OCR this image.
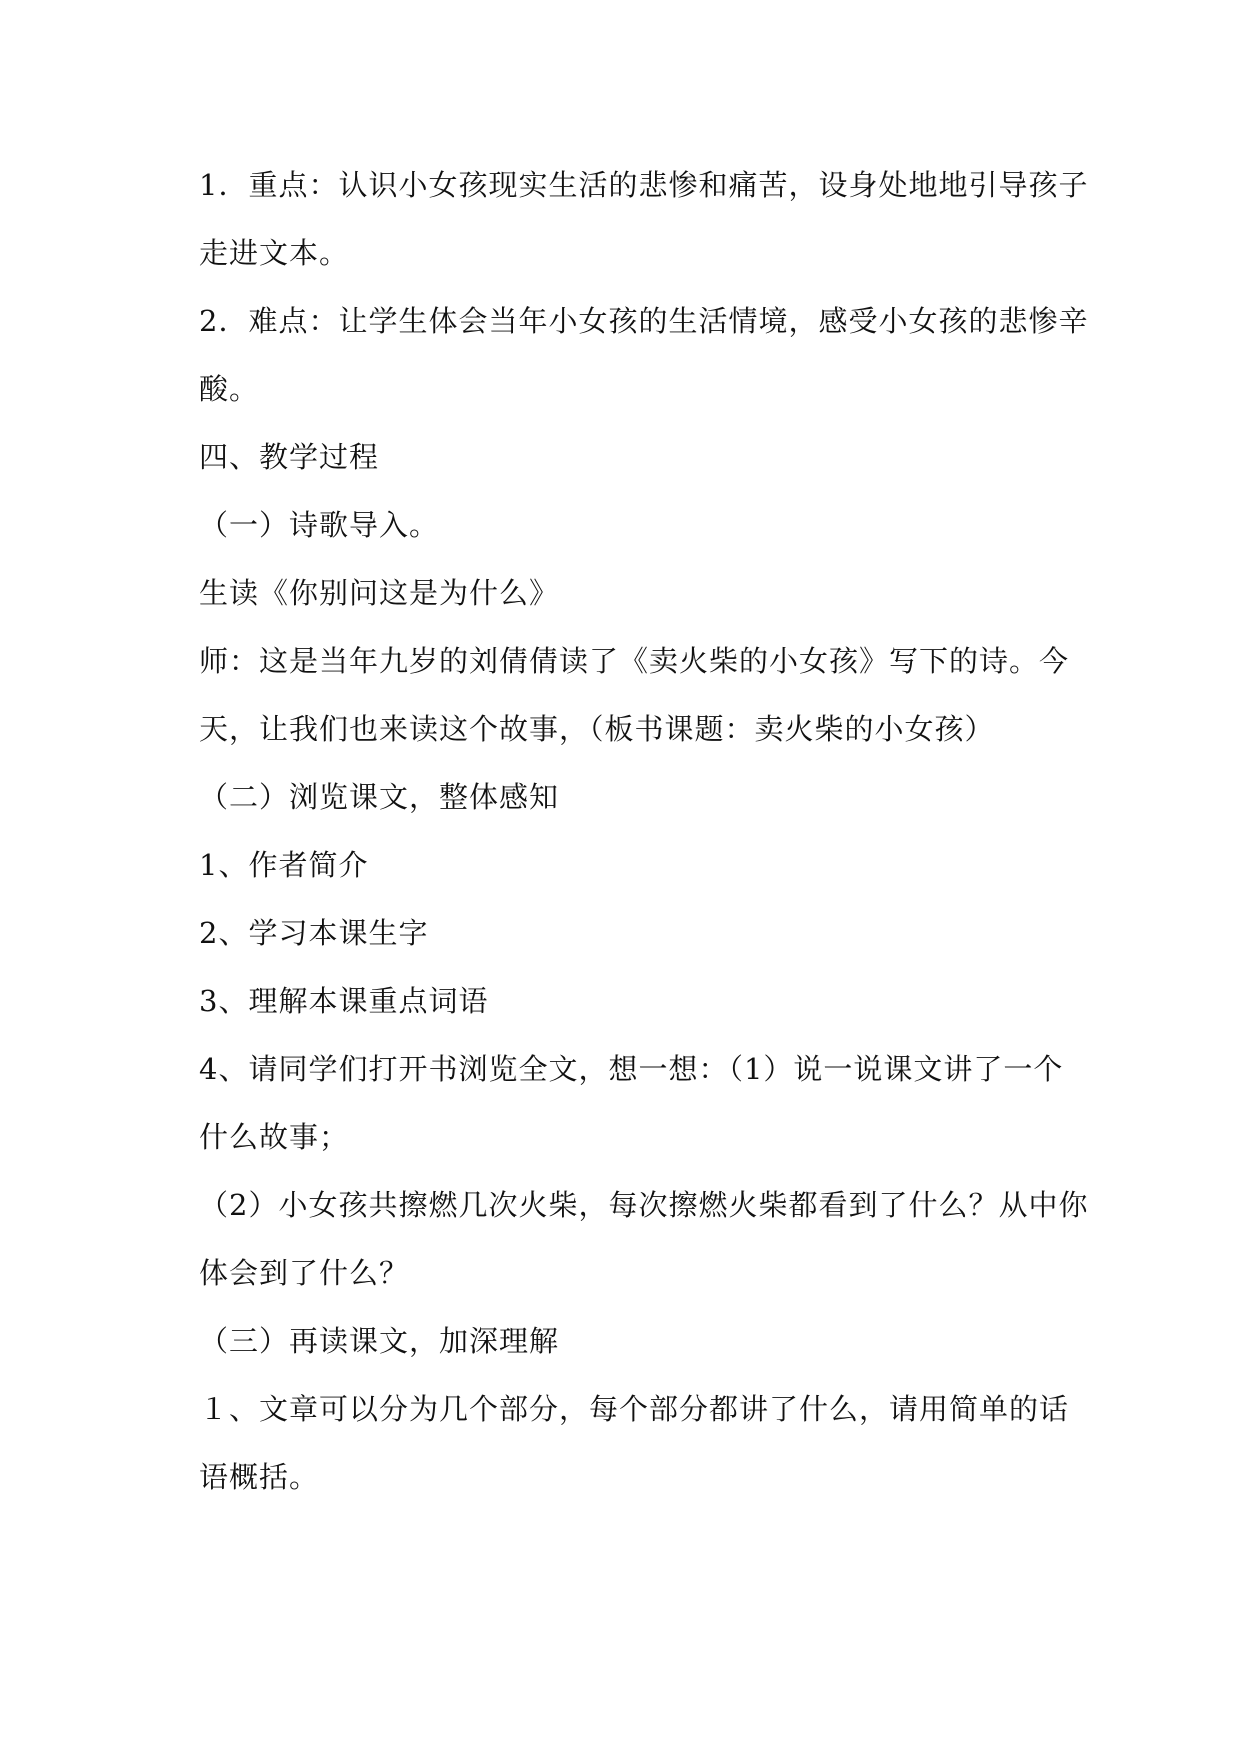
1．重点：认识小女孩现实生活的悲惨和痛苦，设身处地地引导孩子
走进文本。
2．难点：让学生体会当年小女孩的生活情境，感受小女孩的悲惨辛
酸。
四、教学过程
（一）诗歌导入。
生读《你别问这是为什么》
师：这是当年九岁的刘倩倩读了《卖火柴的小女孩》写下的诗。今
天，让我们也来读这个故事，（板书课题：卖火柴的小女孩）
（二）浏览课文，整体感知
1、作者简介
2、学习本课生字
3、理解本课重点词语
4、请同学们打开书浏览全文，想一想：（1）说一说课文讲了一个
什么故事；
（2）小女孩共擦燃几次火柴，每次擦燃火柴都看到了什么？从中你
体会到了什么？
（三）再读课文，加深理解
１、文章可以分为几个部分，每个部分都讲了什么，请用简单的话
语概括。
